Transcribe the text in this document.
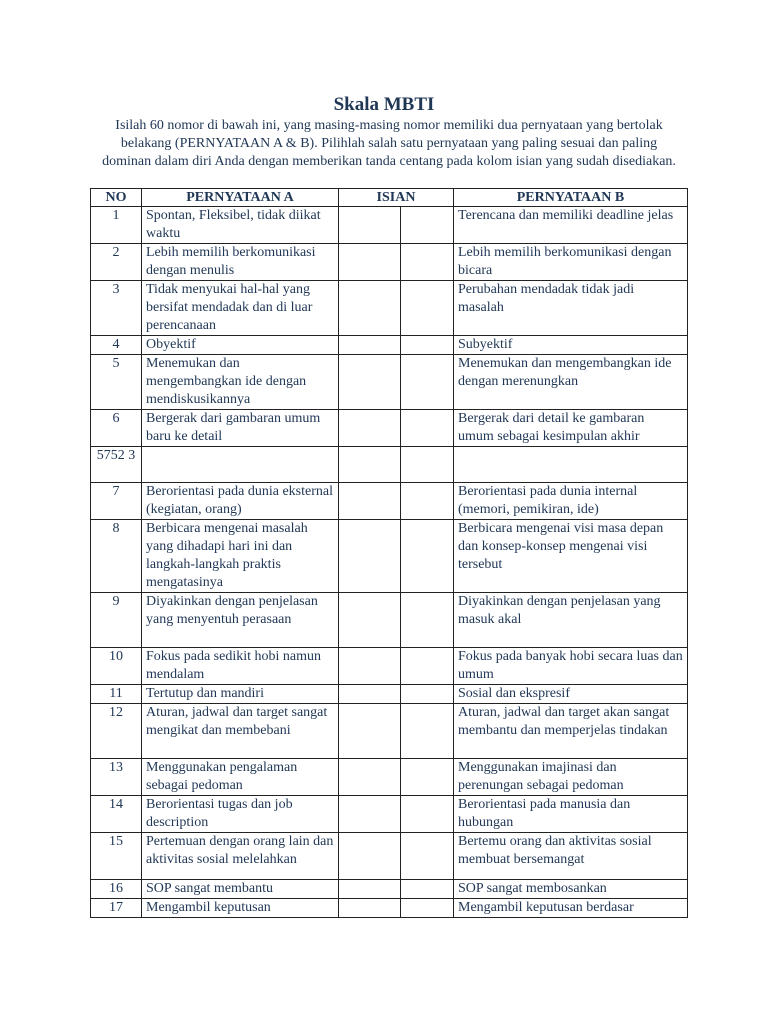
Skala MBTI
Isilah 60 nomor di bawah ini, yang masing-masing nomor memiliki dua pernyataan yang bertolak belakang (PERNYATAAN A & B). Pilihlah salah satu pernyataan yang paling sesuai dan paling dominan dalam diri Anda dengan memberikan tanda centang pada kolom isian yang sudah disediakan.
NO	PERNYATAAN A	ISIAN		PERNYATAAN B
1	Spontan, Fleksibel, tidak diikat waktu			Terencana dan memiliki deadline jelas
2	Lebih memilih berkomunikasi dengan menulis			Lebih memilih berkomunikasi dengan bicara
3	Tidak menyukai hal-hal yang bersifat mendadak dan di luar perencanaan			Perubahan mendadak tidak jadi masalah
4	Obyektif			Subyektif
5	Menemukan dan mengembangkan ide dengan mendiskusikannya			Menemukan dan mengembangkan ide dengan merenungkan
6	Bergerak dari gambaran umum baru ke detail			Bergerak dari detail ke gambaran umum sebagai kesimpulan akhir
5752 3				
7	Berorientasi pada dunia eksternal (kegiatan, orang)			Berorientasi pada dunia internal (memori, pemikiran, ide)
8	Berbicara mengenai masalah yang dihadapi hari ini dan langkah-langkah praktis mengatasinya			Berbicara mengenai visi masa depan dan konsep-konsep mengenai visi tersebut
9	Diyakinkan dengan penjelasan yang menyentuh perasaan			Diyakinkan dengan penjelasan yang masuk akal
10	Fokus pada sedikit hobi namun mendalam			Fokus pada banyak hobi secara luas dan umum
11	Tertutup dan mandiri			Sosial dan ekspresif
12	Aturan, jadwal dan target sangat mengikat dan membebani			Aturan, jadwal dan target akan sangat membantu dan memperjelas tindakan
13	Menggunakan pengalaman sebagai pedoman			Menggunakan imajinasi dan perenungan sebagai pedoman
14	Berorientasi tugas dan job description			Berorientasi pada manusia dan hubungan
15	Pertemuan dengan orang lain dan aktivitas sosial melelahkan			Bertemu orang dan aktivitas sosial membuat bersemangat
16	SOP sangat membantu			SOP sangat membosankan
17	Mengambil keputusan			Mengambil keputusan berdasar
